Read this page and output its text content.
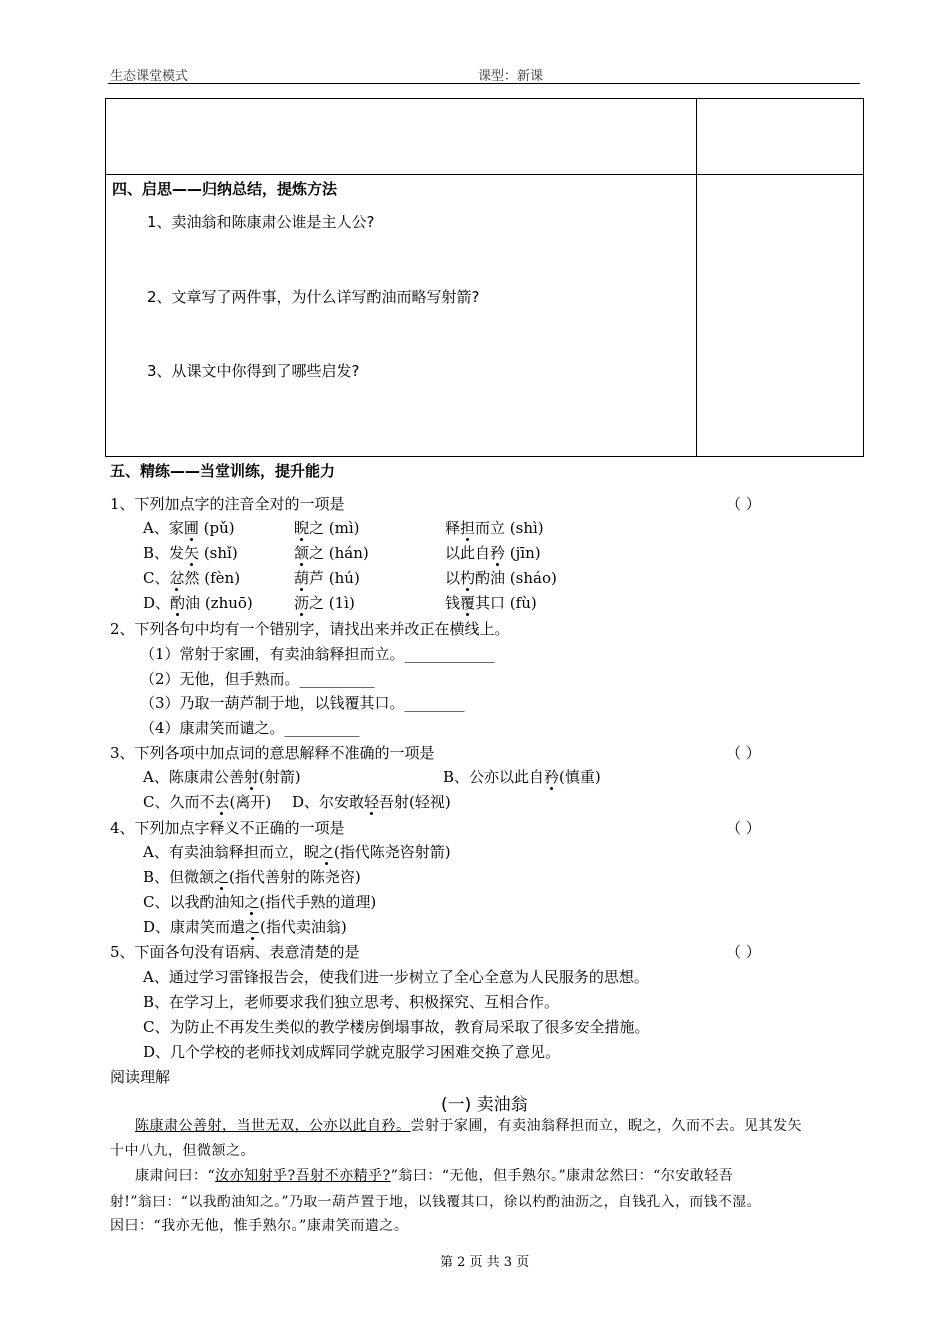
生态课堂模式	课型：新课

四、启思——归纳总结，提炼方法
1、卖油翁和陈康肃公谁是主人公?
2、文章写了两件事，为什么详写酌油而略写射箭?
3、从课文中你得到了哪些启发?
五、精练——当堂训练，提升能力
1、下列加点字的注音全对的一项是	（ ）
A、家圃 (pǔ)	睨之 (mì)	释担而立 (shì)
B、发矢 (shǐ)	颔之 (hán)	以此自矜 (jīn)
C、忿然 (fèn)	葫芦 (hú)	以杓酌油 (sháo)
D、酌油 (zhuō)	沥之 (1ì)	钱覆其口 (fù)
2、下列各句中均有一个错别字，请找出来并改正在横线上。
（1）常射于家圃，有卖油翁释担而立。____________
（2）无他，但手熟而。__________
（3）乃取一葫芦制于地，以钱覆其口。________
（4）康肃笑而谴之。__________
3、下列各项中加点词的意思解释不准确的一项是	（ ）
A、陈康肃公善射(射箭)	B、公亦以此自矜(慎重)
C、久而不去(离开) D、尔安敢轻吾射(轻视)
4、下列加点字释义不正确的一项是	（ ）
A、有卖油翁释担而立，睨之(指代陈尧咨射箭)
B、但微颔之(指代善射的陈尧咨)
C、以我酌油知之(指代手熟的道理)
D、康肃笑而遣之(指代卖油翁)
5、下面各句没有语病、表意清楚的是	（ ）
A、通过学习雷锋报告会，使我们进一步树立了全心全意为人民服务的思想。
B、在学习上，老师要求我们独立思考、积极探究、互相合作。
C、为防止不再发生类似的教学楼房倒塌事故，教育局采取了很多安全措施。
D、几个学校的老师找刘成辉同学就克服学习困难交换了意见。
阅读理解
(一) 卖油翁
陈康肃公善射，当世无双，公亦以此自矜。尝射于家圃，有卖油翁释担而立，睨之，久而不去。见其发矢
十中八九，但微颔之。
康肃问曰：“汝亦知射乎?吾射不亦精乎?”翁曰：“无他，但手熟尔。”康肃忿然曰：“尔安敢轻吾
射!”翁曰：“以我酌油知之。”乃取一葫芦置于地，以钱覆其口，徐以杓酌油沥之，自钱孔入，而钱不湿。
因曰：“我亦无他，惟手熟尔。”康肃笑而遣之。
第 2 页 共 3 页
